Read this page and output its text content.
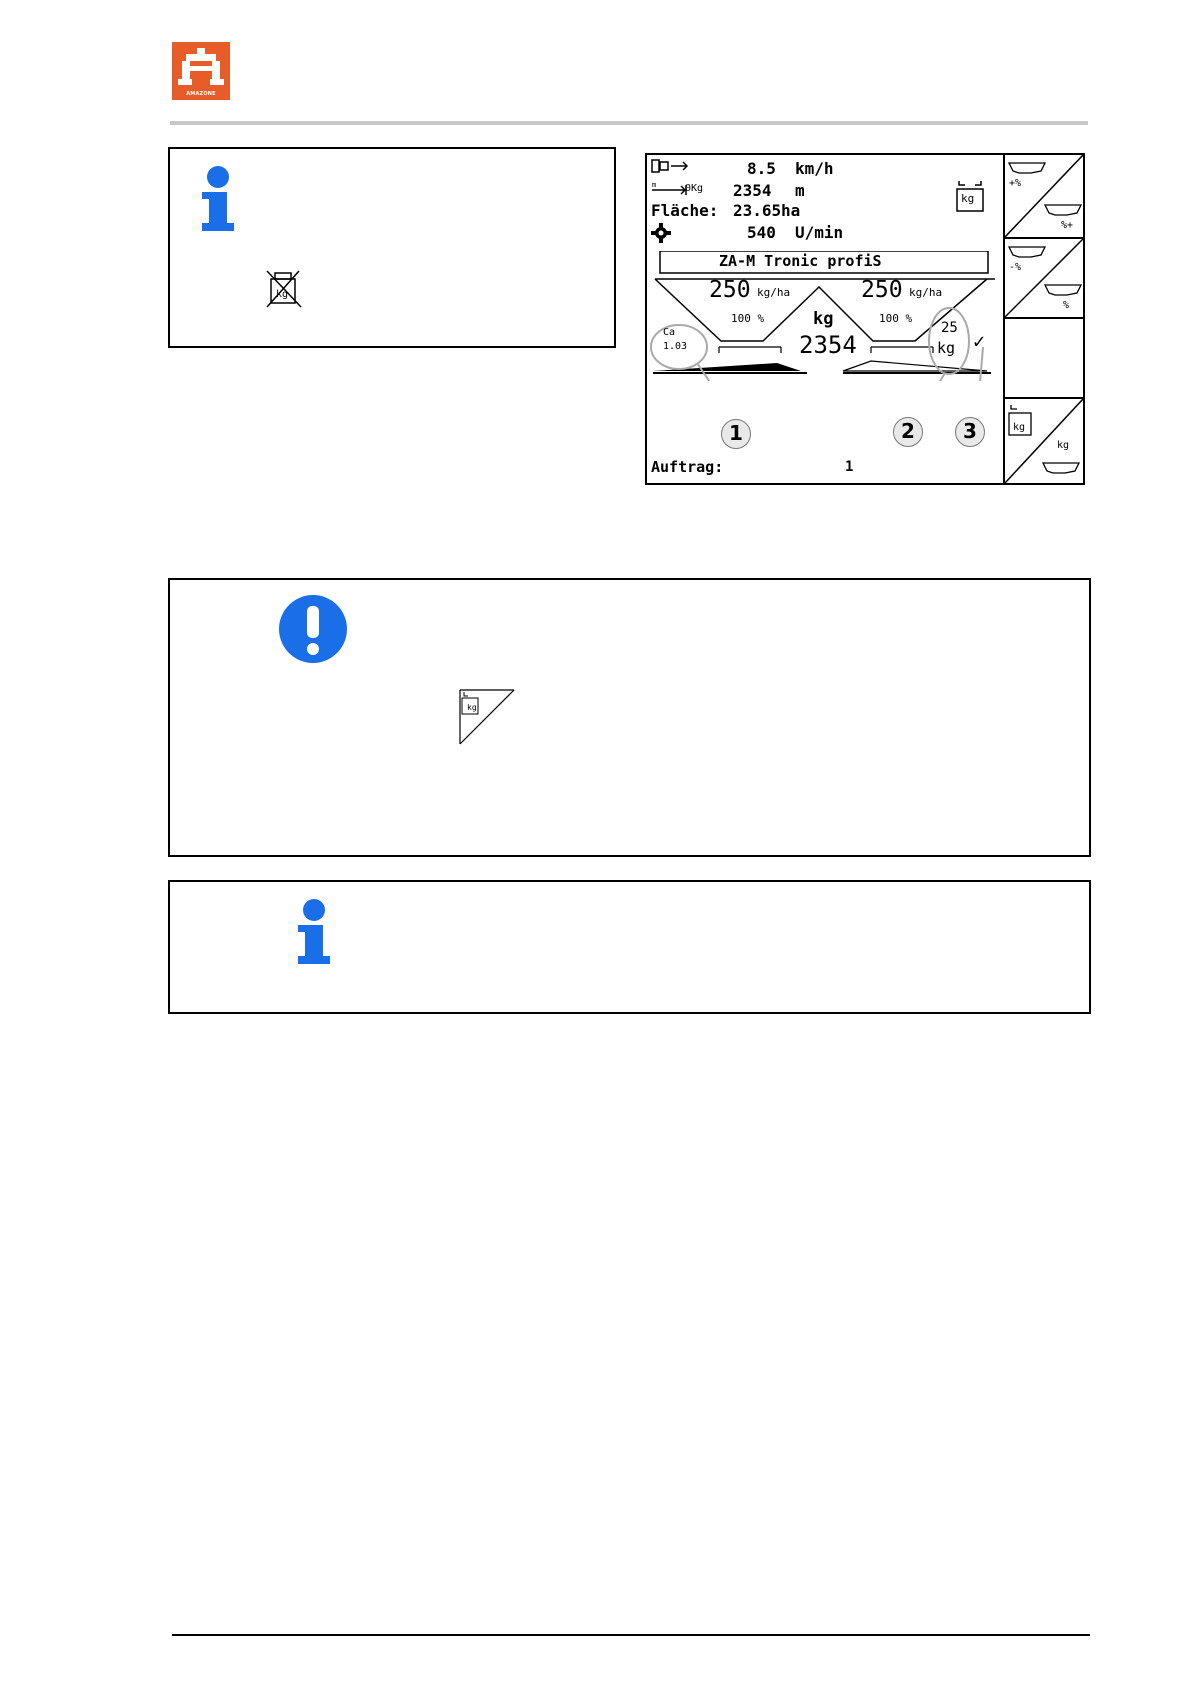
AMAZONE
kg
8.5 km/h
m	0Kg 2354 m
Fläche: 23.65 ha
540 U/min
kg
ZA-M Tronic profiS
250 kg/ha	250 kg/ha
100 %	100 %
kg
2354
Ca
1.03
25
kg ✓
1	2	3
Auftrag:	1
+%
%+
-%
%
kg
kg
kg
